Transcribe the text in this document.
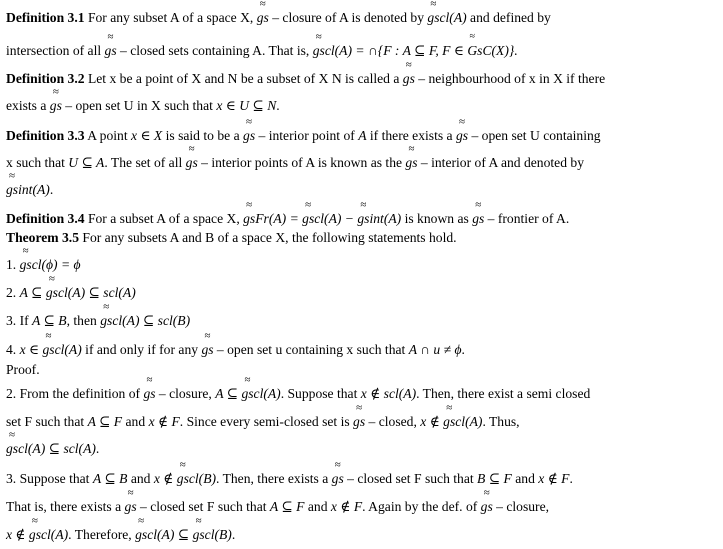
Definition 3.1 For any subset A of a space X, ≈ gs – closure of A is denoted by ≈ gscl(A) and defined by
intersection of all ≈ gs – closed sets containing A. That is, ≈ gscl(A) = ∩{F : A ⊆ F, F ∈ ≈ GsC(X)}.
Definition 3.2 Let x be a point of X and N be a subset of X N is called a ≈ gs – neighbourhood of x in X if there
exists a ≈ gs – open set U in X such that x ∈ U ⊆ N.
Definition 3.3 A point x ∈ X is said to be a ≈ gs – interior point of A if there exists a ≈ gs – open set U containing
x such that U ⊆ A. The set of all ≈ gs – interior points of A is known as the ≈ gs – interior of A and denoted by
≈ gsint(A).
Definition 3.4 For a subset A of a space X, ≈ gsFr(A) = ≈ gscl(A) − ≈ gsint(A) is known as ≈ gs – frontier of A.
Theorem 3.5 For any subsets A and B of a space X, the following statements hold.
1. ≈ gscl(ϕ) = ϕ
2. A ⊆ ≈ gscl(A) ⊆ scl(A)
3. If A ⊆ B, then ≈ gscl(A) ⊆ scl(B)
4. x ∈ ≈ gscl(A) if and only if for any ≈ gs – open set u containing x such that A ∩ u ≠ ϕ.
Proof.
2. From the definition of ≈ gs – closure, A ⊆ ≈ gscl(A). Suppose that x ∉ scl(A). Then, there exist a semi closed
set F such that A ⊆ F and x ∉ F. Since every semi-closed set is ≈ gs – closed, x ∉ ≈ gscl(A). Thus,
≈ gscl(A) ⊆ scl(A).
3. Suppose that A ⊆ B and x ∉ ≈ gscl(B). Then, there exists a ≈ gs – closed set F such that B ⊆ F and x ∉ F.
That is, there exists a ≈ gs – closed set F such that A ⊆ F and x ∉ F. Again by the def. of ≈ gs – closure,
x ∉ ≈ gscl(A). Therefore, ≈ gscl(A) ⊆ ≈ gscl(B).
